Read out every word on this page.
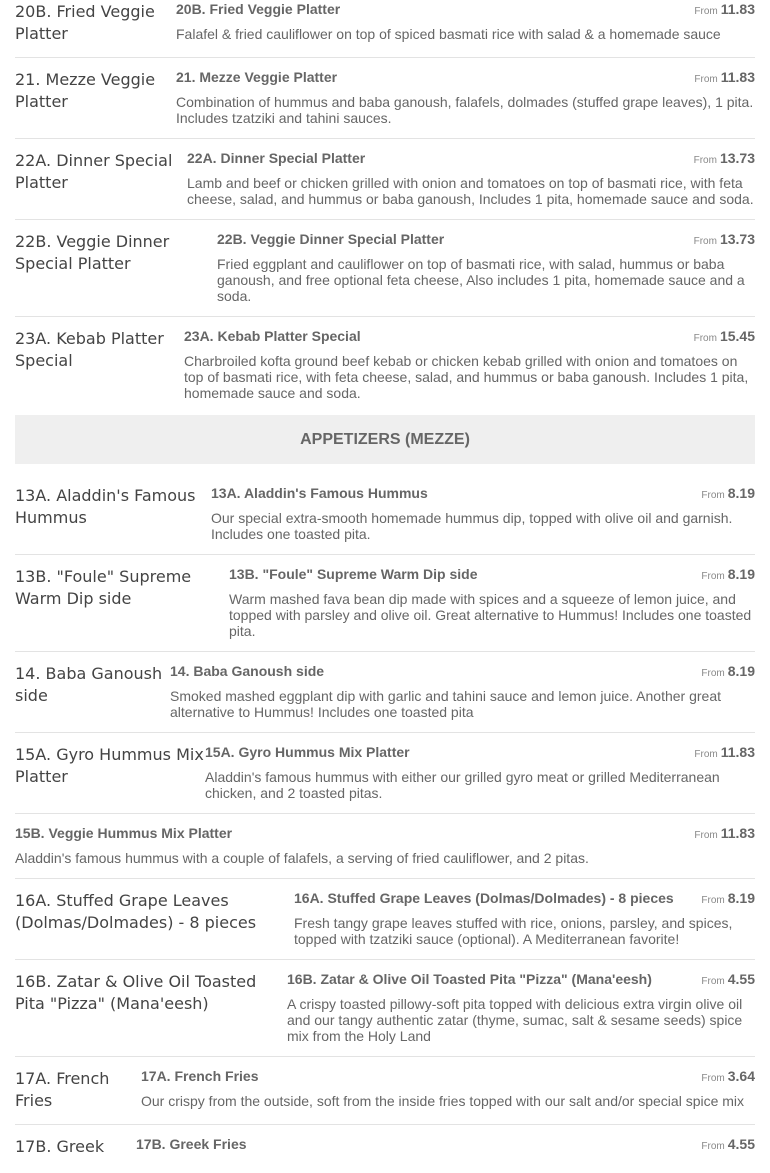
20B. Fried Veggie Platter
20B. Fried Veggie Platter	From 11.83
Falafel & fried cauliflower on top of spiced basmati rice with salad & a homemade sauce
21. Mezze Veggie Platter
21. Mezze Veggie Platter	From 11.83
Combination of hummus and baba ganoush, falafels, dolmades (stuffed grape leaves), 1 pita. Includes tzatziki and tahini sauces.
22A. Dinner Special Platter
22A. Dinner Special Platter	From 13.73
Lamb and beef or chicken grilled with onion and tomatoes on top of basmati rice, with feta cheese, salad, and hummus or baba ganoush, Includes 1 pita, homemade sauce and soda.
22B. Veggie Dinner Special Platter
22B. Veggie Dinner Special Platter	From 13.73
Fried eggplant and cauliflower on top of basmati rice, with salad, hummus or baba ganoush, and free optional feta cheese, Also includes 1 pita, homemade sauce and a soda.
23A. Kebab Platter Special
23A. Kebab Platter Special	From 15.45
Charbroiled kofta ground beef kebab or chicken kebab grilled with onion and tomatoes on top of basmati rice, with feta cheese, salad, and hummus or baba ganoush. Includes 1 pita, homemade sauce and soda.
APPETIZERS (MEZZE)
13A. Aladdin's Famous Hummus
13A. Aladdin's Famous Hummus	From 8.19
Our special extra-smooth homemade hummus dip, topped with olive oil and garnish. Includes one toasted pita.
13B. "Foule" Supreme Warm Dip side
13B. "Foule" Supreme Warm Dip side	From 8.19
Warm mashed fava bean dip made with spices and a squeeze of lemon juice, and topped with parsley and olive oil. Great alternative to Hummus! Includes one toasted pita.
14. Baba Ganoush side
14. Baba Ganoush side	From 8.19
Smoked mashed eggplant dip with garlic and tahini sauce and lemon juice. Another great alternative to Hummus! Includes one toasted pita
15A. Gyro Hummus Mix Platter
15A. Gyro Hummus Mix Platter	From 11.83
Aladdin's famous hummus with either our grilled gyro meat or grilled Mediterranean chicken, and 2 toasted pitas.
15B. Veggie Hummus Mix Platter	From 11.83
Aladdin's famous hummus with a couple of falafels, a serving of fried cauliflower, and 2 pitas.
16A. Stuffed Grape Leaves (Dolmas/Dolmades) - 8 pieces
16A. Stuffed Grape Leaves (Dolmas/Dolmades) - 8 pieces	From 8.19
Fresh tangy grape leaves stuffed with rice, onions, parsley, and spices, topped with tzatziki sauce (optional). A Mediterranean favorite!
16B. Zatar & Olive Oil Toasted Pita "Pizza" (Mana'eesh)
16B. Zatar & Olive Oil Toasted Pita "Pizza" (Mana'eesh)	From 4.55
A crispy toasted pillowy-soft pita topped with delicious extra virgin olive oil and our tangy authentic zatar (thyme, sumac, salt & sesame seeds) spice mix from the Holy Land
17A. French Fries
17A. French Fries	From 3.64
Our crispy from the outside, soft from the inside fries topped with our salt and/or special spice mix
17B. Greek	17B. Greek Fries	From 4.55
